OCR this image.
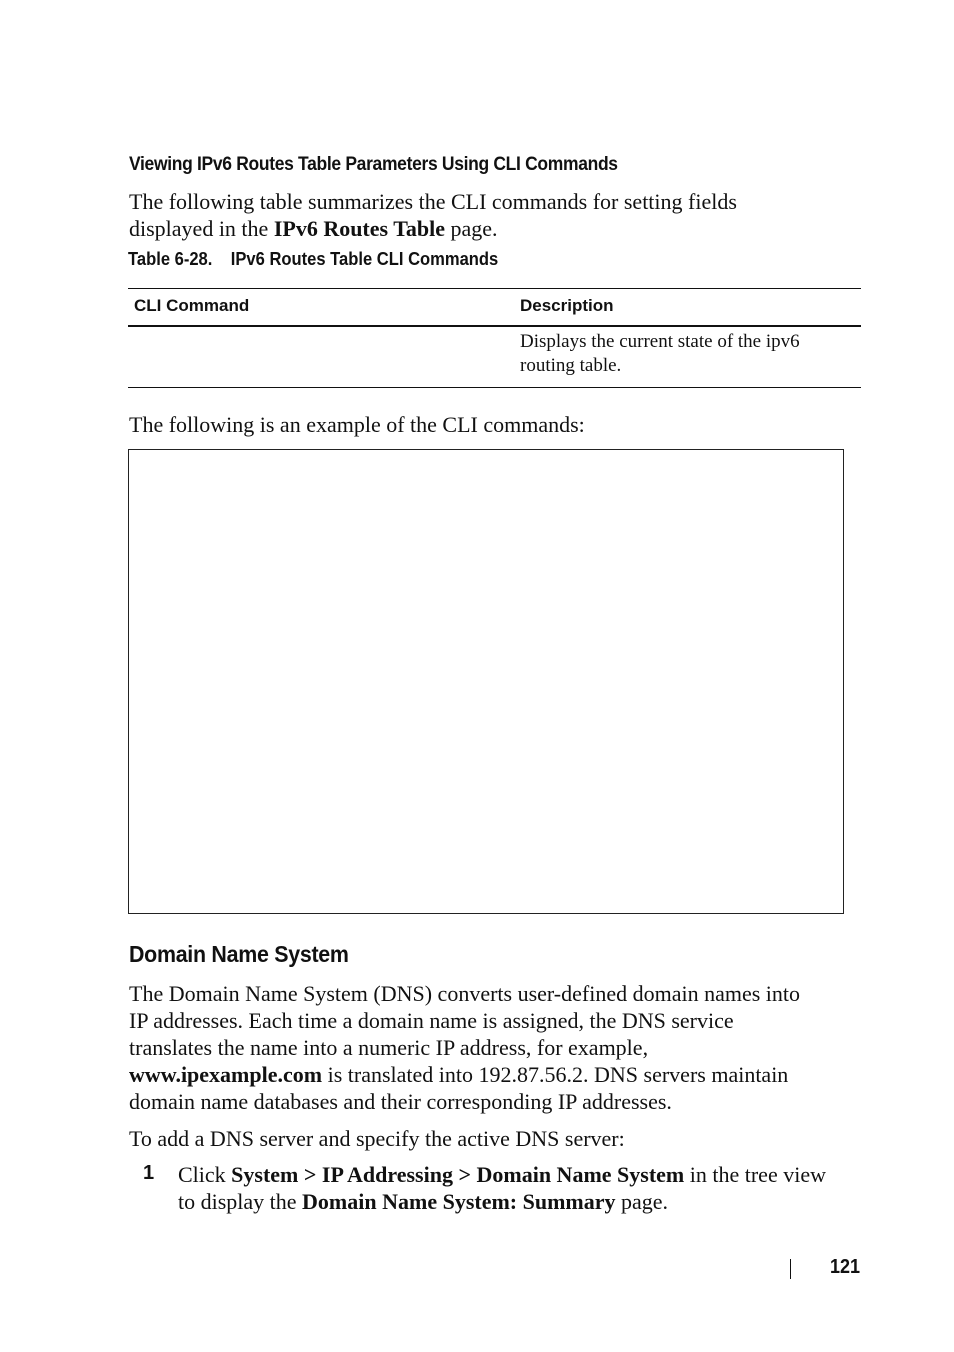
Viewing IPv6 Routes Table Parameters Using CLI Commands
The following table summarizes the CLI commands for setting fields
displayed in the IPv6 Routes Table page.
Table 6-28.    IPv6 Routes Table CLI Commands
CLI Command	Description
	Displays the current state of the ipv6 routing table.
The following is an example of the CLI commands:
Domain Name System
The Domain Name System (DNS) converts user-defined domain names into
IP addresses. Each time a domain name is assigned, the DNS service
translates the name into a numeric IP address, for example,
www.ipexample.com is translated into 192.87.56.2. DNS servers maintain
domain name databases and their corresponding IP addresses.
To add a DNS server and specify the active DNS server:
1 Click System > IP Addressing > Domain Name System in the tree view
to display the Domain Name System: Summary page.
121
